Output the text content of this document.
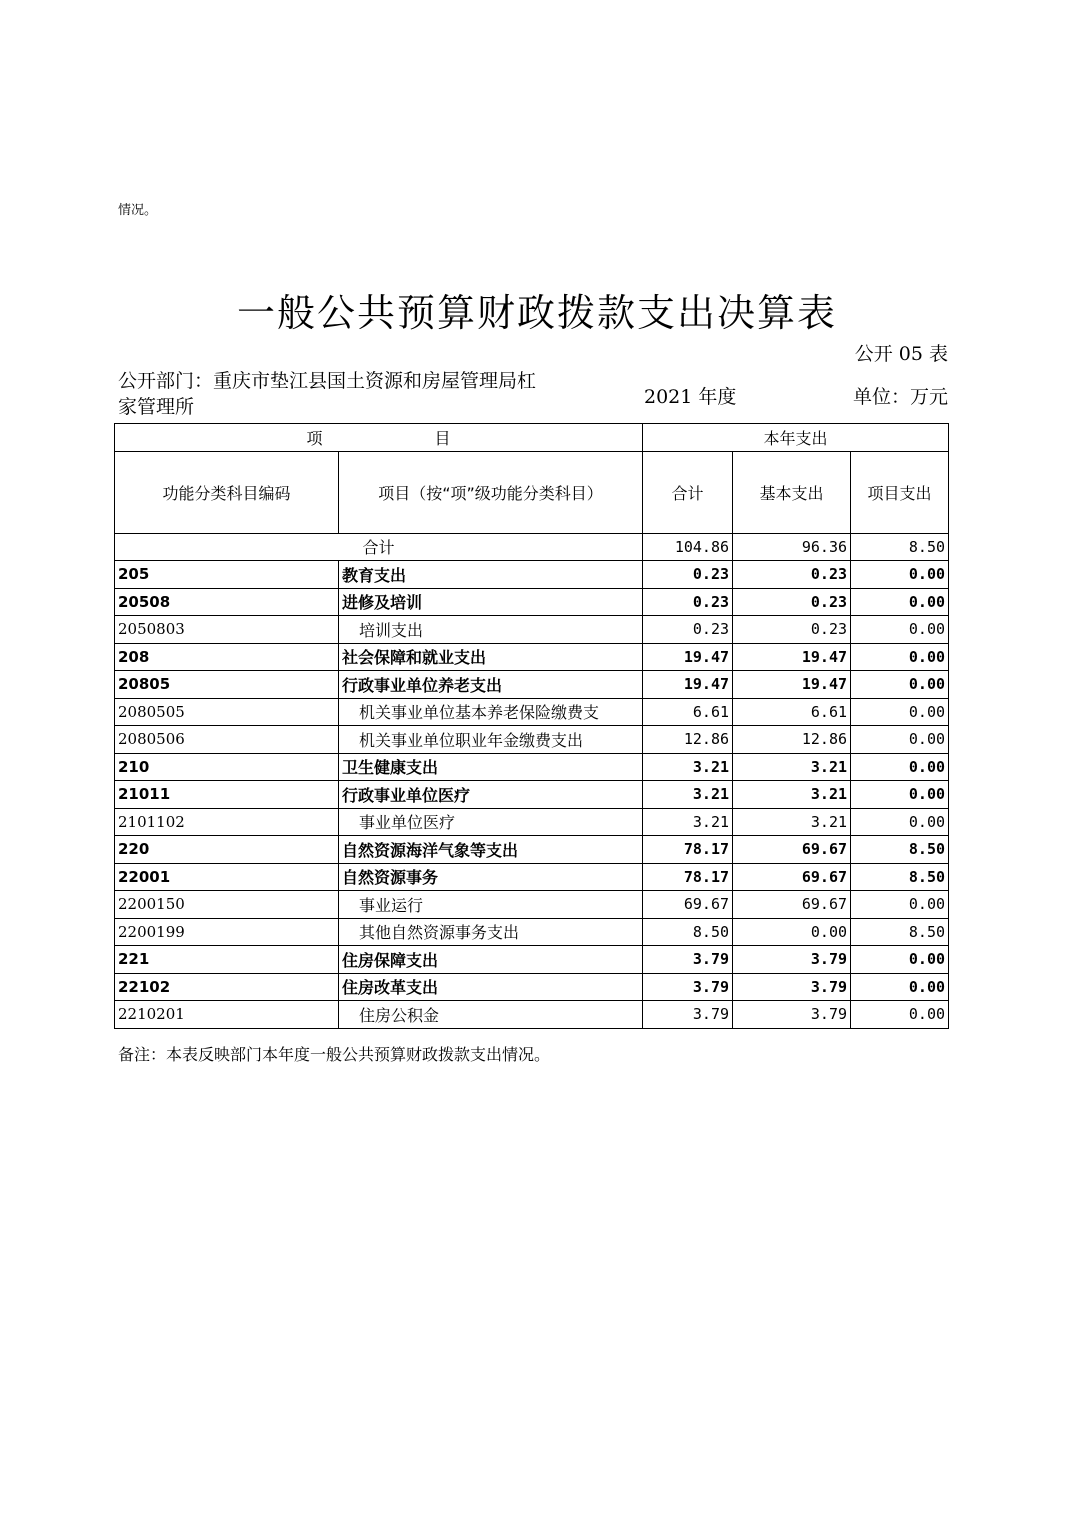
情况。
一般公共预算财政拨款支出决算表
公开 05 表
公开部门：重庆市垫江县国土资源和房屋管理局杠家管理所	2021 年度	单位：万元
项　　　　　　　目		本年支出		
功能分类科目编码	项目（按“项”级功能分类科目）	合计	基本支出	项目支出
合计		104.86	96.36	8.50
205	教育支出	0.23	0.23	0.00
20508	进修及培训	0.23	0.23	0.00
2050803	培训支出	0.23	0.23	0.00
208	社会保障和就业支出	19.47	19.47	0.00
20805	行政事业单位养老支出	19.47	19.47	0.00
2080505	机关事业单位基本养老保险缴费支	6.61	6.61	0.00
2080506	机关事业单位职业年金缴费支出	12.86	12.86	0.00
210	卫生健康支出	3.21	3.21	0.00
21011	行政事业单位医疗	3.21	3.21	0.00
2101102	事业单位医疗	3.21	3.21	0.00
220	自然资源海洋气象等支出	78.17	69.67	8.50
22001	自然资源事务	78.17	69.67	8.50
2200150	事业运行	69.67	69.67	0.00
2200199	其他自然资源事务支出	8.50	0.00	8.50
221	住房保障支出	3.79	3.79	0.00
22102	住房改革支出	3.79	3.79	0.00
2210201	住房公积金	3.79	3.79	0.00
备注：本表反映部门本年度一般公共预算财政拨款支出情况。
